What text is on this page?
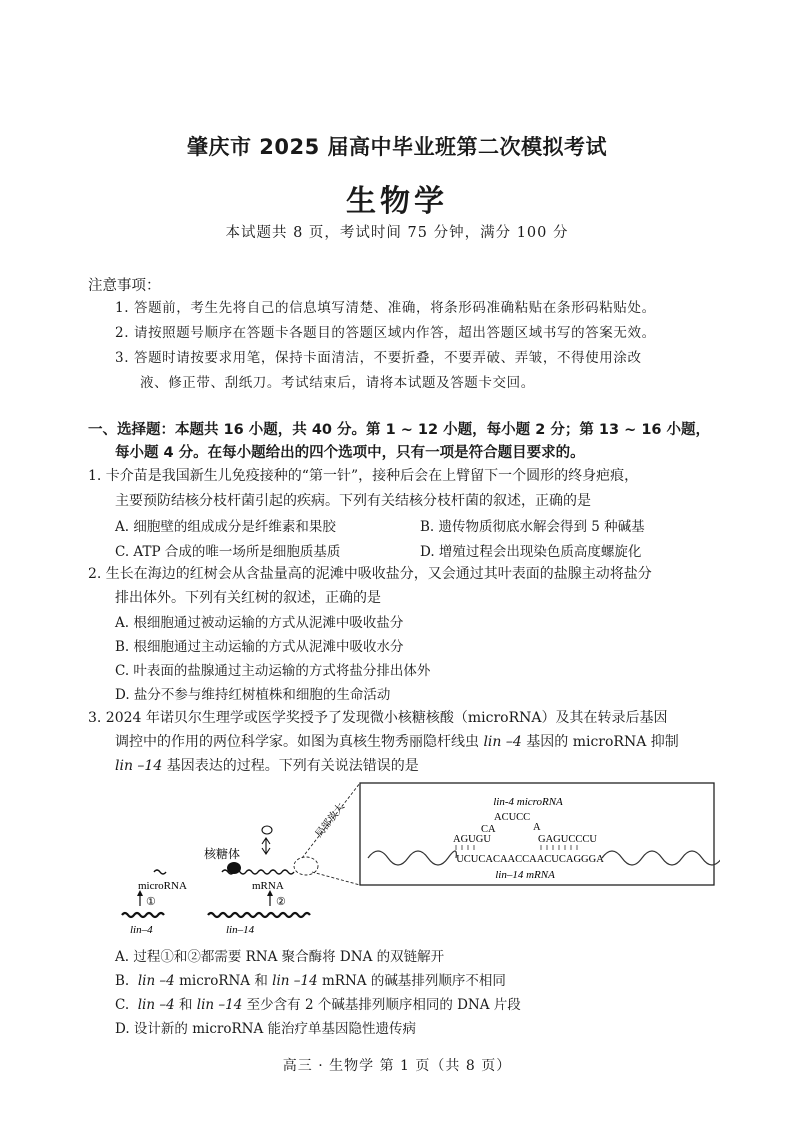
肇庆市 2025 届高中毕业班第二次模拟考试
生物学
本试题共 8 页，考试时间 75 分钟，满分 100 分
注意事项：
1. 答题前，考生先将自己的信息填写清楚、准确，将条形码准确粘贴在条形码粘贴处。
2. 请按照题号顺序在答题卡各题目的答题区域内作答，超出答题区域书写的答案无效。
3. 答题时请按要求用笔，保持卡面清洁，不要折叠，不要弄破、弄皱，不得使用涂改
液、修正带、刮纸刀。考试结束后，请将本试题及答题卡交回。
一、选择题：本题共 16 小题，共 40 分。第 1 ~ 12 小题，每小题 2 分；第 13 ~ 16 小题，
每小题 4 分。在每小题给出的四个选项中，只有一项是符合题目要求的。
1. 卡介苗是我国新生儿免疫接种的“第一针”，接种后会在上臂留下一个圆形的终身疤痕，
主要预防结核分枝杆菌引起的疾病。下列有关结核分枝杆菌的叙述，正确的是
A. 细胞壁的组成成分是纤维素和果胶	B. 遗传物质彻底水解会得到 5 种碱基
C. ATP 合成的唯一场所是细胞质基质	D. 增殖过程会出现染色质高度螺旋化
2. 生长在海边的红树会从含盐量高的泥滩中吸收盐分，又会通过其叶表面的盐腺主动将盐分
排出体外。下列有关红树的叙述，正确的是
A. 根细胞通过被动运输的方式从泥滩中吸收盐分
B. 根细胞通过主动运输的方式从泥滩中吸收水分
C. 叶表面的盐腺通过主动运输的方式将盐分排出体外
D. 盐分不参与维持红树植株和细胞的生命活动
3. 2024 年诺贝尔生理学或医学奖授予了发现微小核糖核酸（microRNA）及其在转录后基因
调控中的作用的两位科学家。如图为真核生物秀丽隐杆线虫 lin –4 基因的 microRNA 抑制
lin –14 基因表达的过程。下列有关说法错误的是
lin-4 microRNA
AGUGU
CA
ACUCC
A
GAGUCCCU
UCUCACAACCAACUCAGGGA
lin–14 mRNA
局部放大
①
microRNA
lin–4
②
mRNA
核糖体
lin–14
A. 过程①和②都需要 RNA 聚合酶将 DNA 的双链解开
B. lin –4 microRNA 和 lin –14 mRNA 的碱基排列顺序不相同
C. lin –4 和 lin –14 至少含有 2 个碱基排列顺序相同的 DNA 片段
D. 设计新的 microRNA 能治疗单基因隐性遗传病
高三 · 生物学 第 1 页（共 8 页）
